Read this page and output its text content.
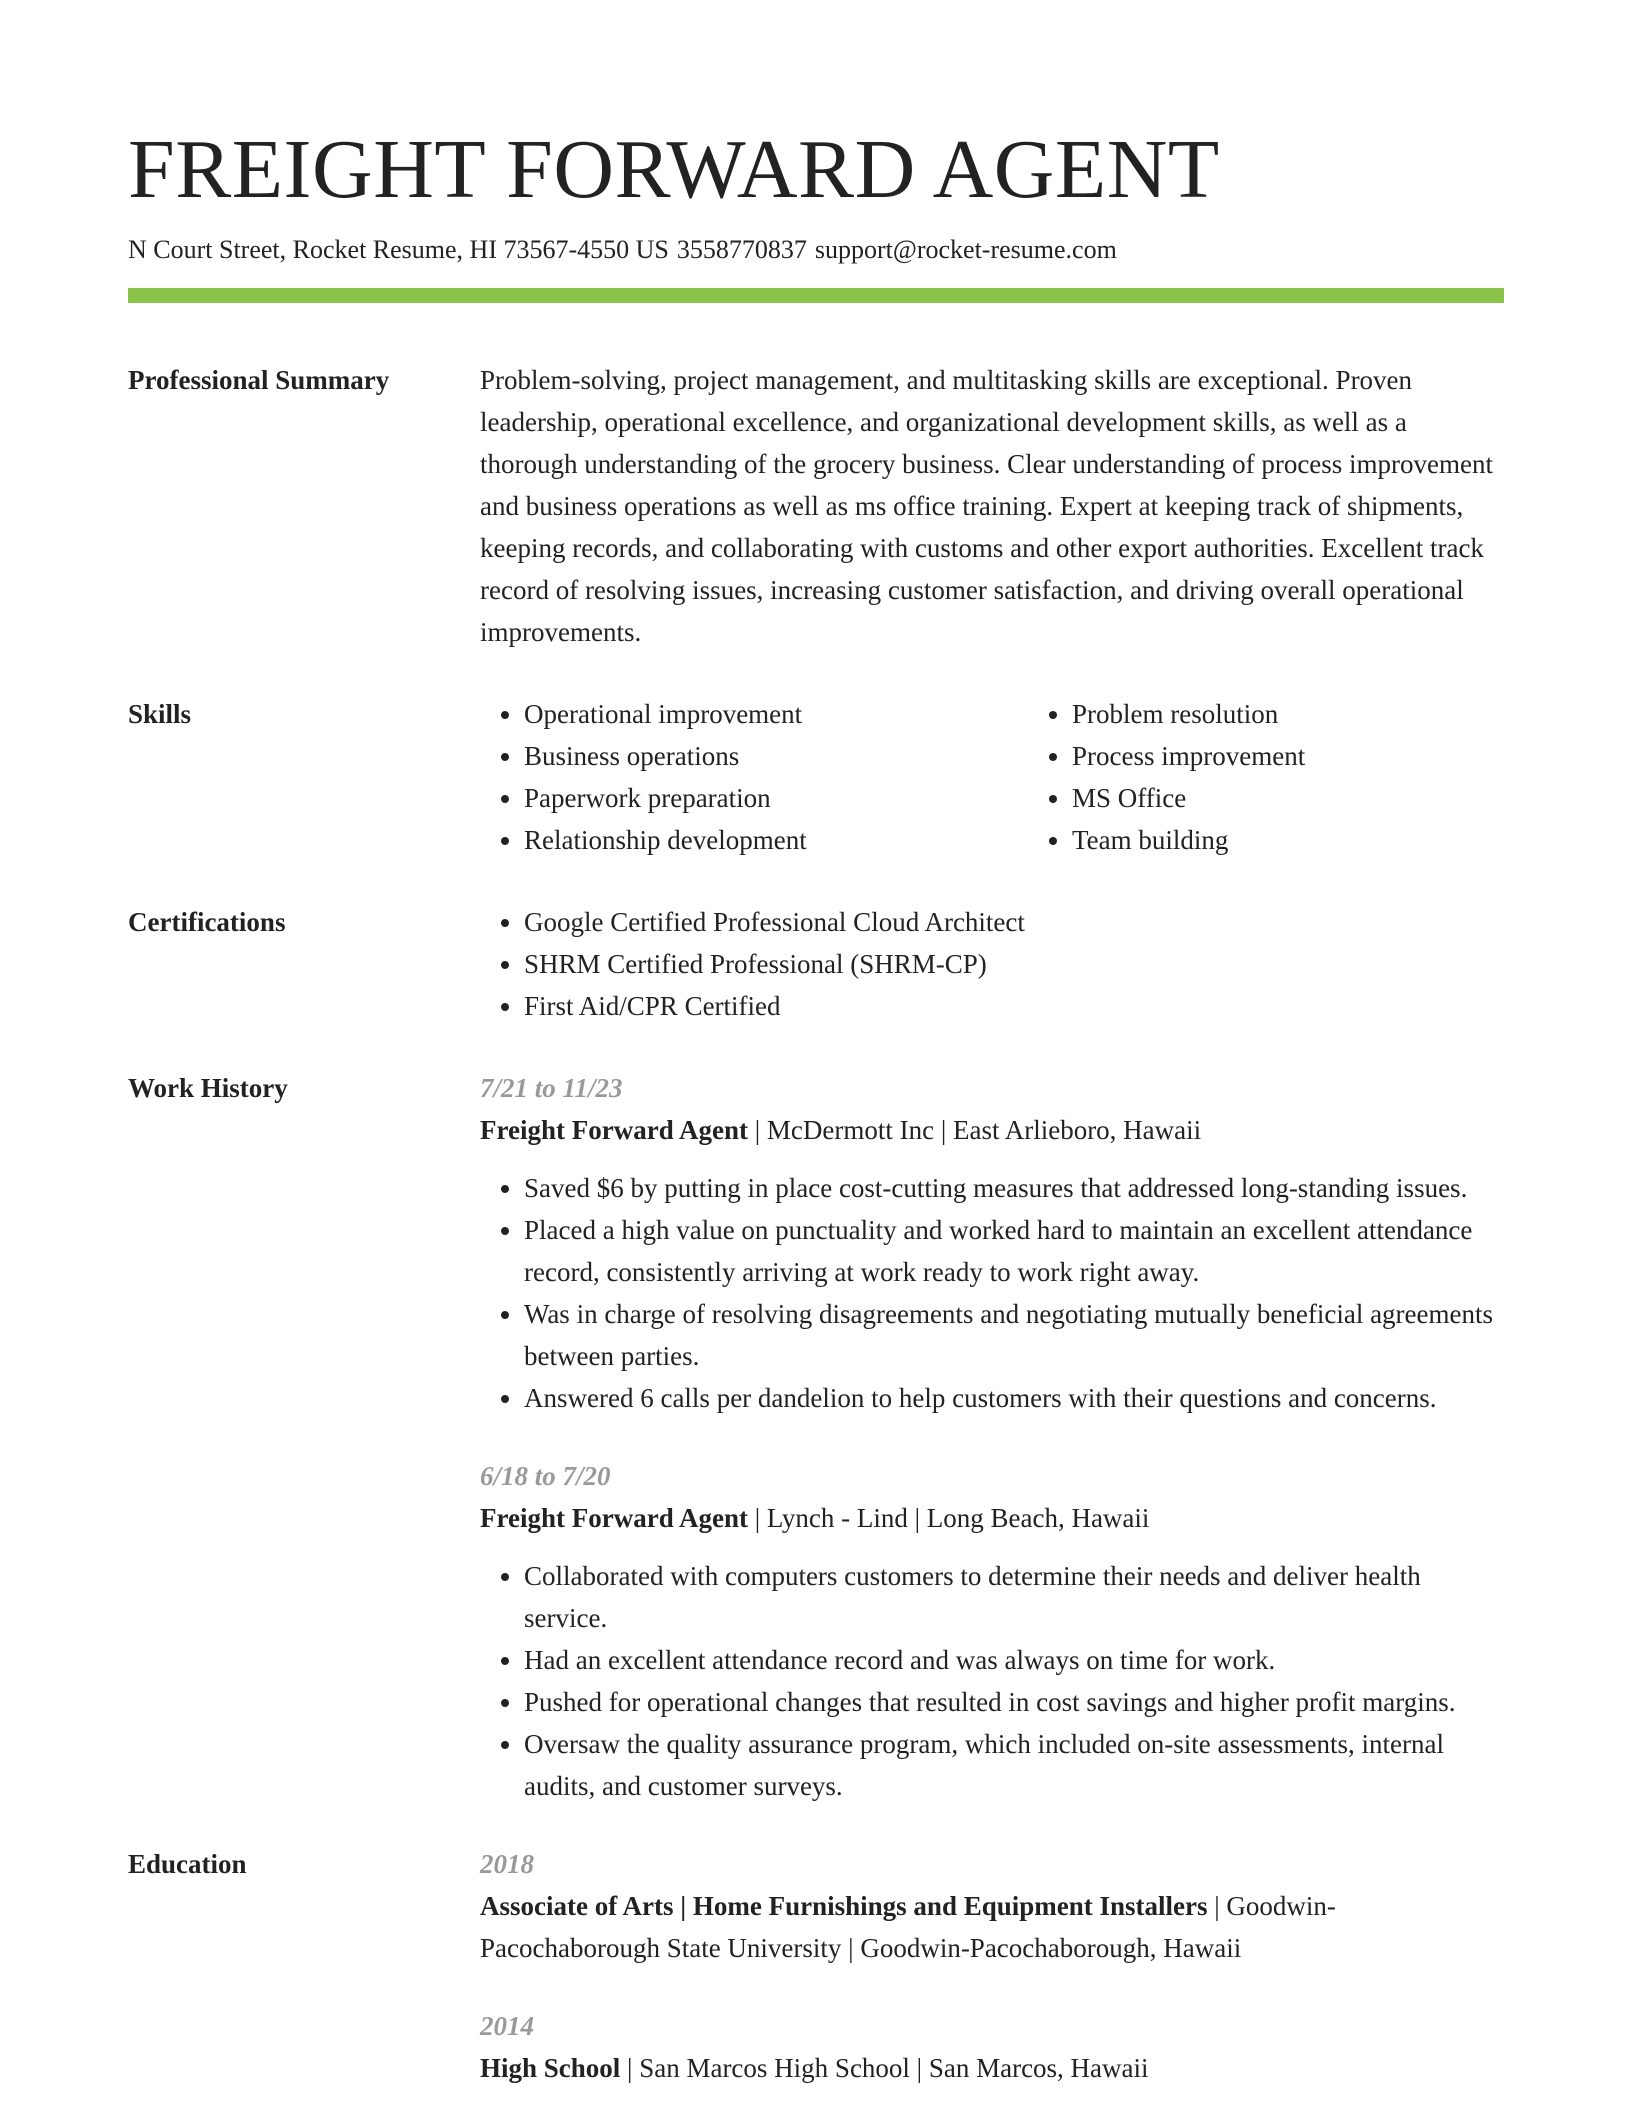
FREIGHT FORWARD AGENT
N Court Street, Rocket Resume, HI 73567-4550 US 3558770837 support@rocket-resume.com
Professional Summary	Problem-solving, project management, and multitasking skills are exceptional. Proven leadership, operational excellence, and organizational development skills, as well as a thorough understanding of the grocery business. Clear understanding of process improvement and business operations as well as ms office training. Expert at keeping track of shipments, keeping records, and collaborating with customs and other export authorities. Excellent track record of resolving issues, increasing customer satisfaction, and driving overall operational improvements.

Skills	• Operational improvement
• Business operations
• Paperwork preparation
• Relationship development
• Problem resolution
• Process improvement
• MS Office
• Team building
Certifications	• Google Certified Professional Cloud Architect
• SHRM Certified Professional (SHRM-CP)
• First Aid/CPR Certified
Work History	7/21 to 11/23
Freight Forward Agent | McDermott Inc | East Arlieboro, Hawaii
• Saved $6 by putting in place cost-cutting measures that addressed long-standing issues.
• Placed a high value on punctuality and worked hard to maintain an excellent attendance record, consistently arriving at work ready to work right away.
• Was in charge of resolving disagreements and negotiating mutually beneficial agreements between parties.
• Answered 6 calls per dandelion to help customers with their questions and concerns.
6/18 to 7/20
Freight Forward Agent | Lynch - Lind | Long Beach, Hawaii
• Collaborated with computers customers to determine their needs and deliver health service.
• Had an excellent attendance record and was always on time for work.
• Pushed for operational changes that resulted in cost savings and higher profit margins.
• Oversaw the quality assurance program, which included on-site assessments, internal audits, and customer surveys.
Education	2018
Associate of Arts | Home Furnishings and Equipment Installers | Goodwin-Pacochaborough State University | Goodwin-Pacochaborough, Hawaii
2014
High School | San Marcos High School | San Marcos, Hawaii
